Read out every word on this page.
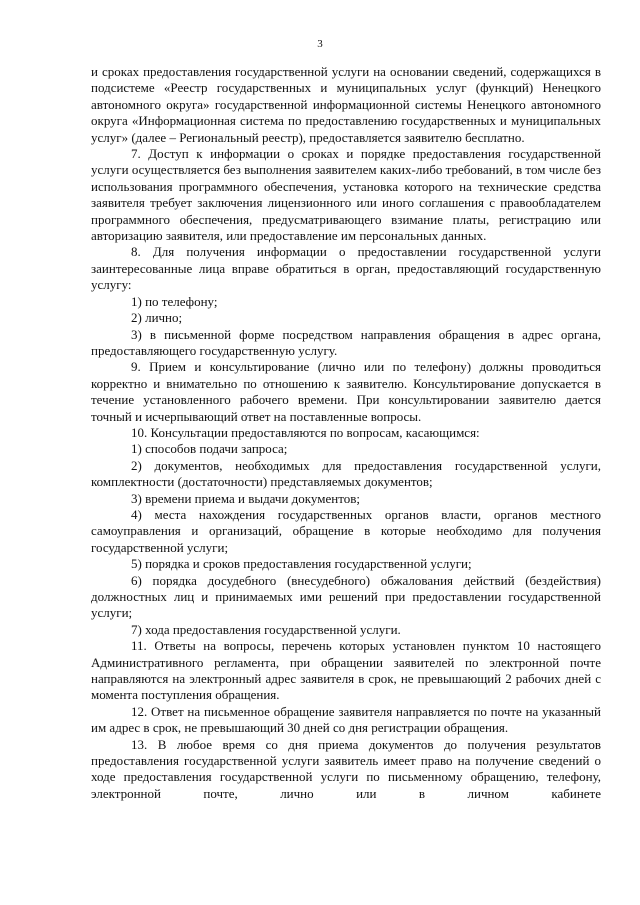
3

и сроках предоставления государственной услуги на основании сведений, содержащихся в подсистеме «Реестр государственных и муниципальных услуг (функций) Ненецкого автономного округа» государственной информационной системы Ненецкого автономного округа «Информационная система по предоставлению государственных и муниципальных услуг» (далее – Региональный реестр), предоставляется заявителю бесплатно.

7. Доступ к информации о сроках и порядке предоставления государственной услуги осуществляется без выполнения заявителем каких-либо требований, в том числе без использования программного обеспечения, установка которого на технические средства заявителя требует заключения лицензионного или иного соглашения с правообладателем программного обеспечения, предусматривающего взимание платы, регистрацию или авторизацию заявителя, или предоставление им персональных данных.

8. Для получения информации о предоставлении государственной услуги заинтересованные лица вправе обратиться в орган, предоставляющий государственную услугу:

1) по телефону;

2) лично;

3) в письменной форме посредством направления обращения в адрес органа, предоставляющего государственную услугу.

9. Прием и консультирование (лично или по телефону) должны проводиться корректно и внимательно по отношению к заявителю. Консультирование допускается в течение установленного рабочего времени. При консультировании заявителю дается точный и исчерпывающий ответ на поставленные вопросы.

10. Консультации предоставляются по вопросам, касающимся:

1) способов подачи запроса;

2) документов, необходимых для предоставления государственной услуги, комплектности (достаточности) представляемых документов;

3) времени приема и выдачи документов;

4) места нахождения государственных органов власти, органов местного самоуправления и организаций, обращение в которые необходимо для получения государственной услуги;

5) порядка и сроков предоставления государственной услуги;

6) порядка досудебного (внесудебного) обжалования действий (бездействия) должностных лиц и принимаемых ими решений при предоставлении государственной услуги;

7) хода предоставления государственной услуги.

11. Ответы на вопросы, перечень которых установлен пунктом 10 настоящего Административного регламента, при обращении заявителей по электронной почте направляются на электронный адрес заявителя в срок, не превышающий 2 рабочих дней с момента поступления обращения.

12. Ответ на письменное обращение заявителя направляется по почте на указанный им адрес в срок, не превышающий 30 дней со дня регистрации обращения.

13. В любое время со дня приема документов до получения результатов предоставления государственной услуги заявитель имеет право на получение сведений о ходе предоставления государственной услуги по письменному обращению, телефону, электронной почте, лично или в личном кабинете
